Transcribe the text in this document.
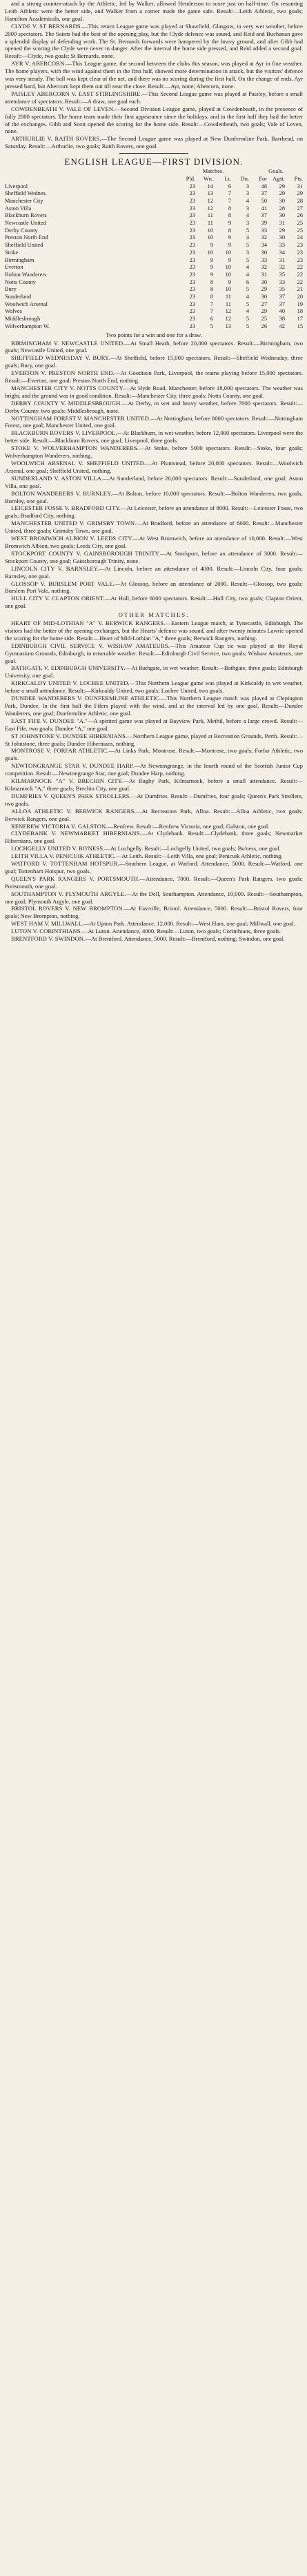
and a strong counter-attack by the Athletic, led by Walker, allowed Henderson to score just on half-time. On resuming Leith Athletic were the better side, and Walker from a corner made the game safe. Result:—Leith Athletic, two goals; Hamilton Academicals, one goal.

CLYDE V. ST BERNARDS.—This return League game was played at Shawfield, Glasgow, in very wet weather, before 2000 spectators. The Saints had the best of the opening play, but the Clyde defence was sound, and Reid and Buchanan gave a splendid display of defending work. The St. Bernards forwards were hampered by the heavy ground, and after Gibb had opened the scoring the Clyde were never in danger. After the interval the home side pressed, and Reid added a second goal. Result:—Clyde, two goals; St Bernards, none.

AYR V. ABERCORN.—This League game, the second between the clubs this season, was played at Ayr in fine weather. The home players, with the wind against them in the first half, showed more determination in attack, but the visitors' defence was very steady. The ball was kept clear of the net, and there was no scoring during the first half. On the change of ends, Ayr pressed hard, but Abercorn kept them out till near the close. Result:—Ayr, none; Abercorn, none.

PAISLEY ABERCORN V. EAST STIRLINGSHIRE.—This Second League game was played at Paisley, before a small attendance of spectators. Result:—A draw, one goal each.

COWDENBEATH V. VALE OF LEVEN.—Second Division League game, played at Cowdenbeath, in the presence of fully 2000 spectators. The home team made their first appearance since the holidays, and in the first half they had the better of the exchanges. Gibb and Scott opened the scoring for the home side. Result:—Cowdenbeath, two goals; Vale of Leven, none.

ARTHURLIE V. RAITH ROVERS.—The Second League game was played at New Dunfermline Park, Barrhead, on Saturday. Result:—Arthurlie, two goals; Raith Rovers, one goal.

ENGLISH LEAGUE—FIRST DIVISION.
	Matches.				Goals.		
	Pld.	Wn.	Lt.	Dn.	For	Agst.	Pts.
Liverpool	23	14	6	3	48	29	31
Sheffield Wednes.	23	13	7	3	37	29	29
Manchester City	23	12	7	4	50	30	28
Aston Villa	23	12	8	3	41	28	27
Blackburn Rovers	23	11	8	4	37	30	26
Newcastle United	23	11	9	3	39	31	25
Derby County	23	10	8	5	33	29	25
Preston North End	23	10	9	4	32	30	24
Sheffield United	23	9	9	5	34	33	23
Stoke	23	10	10	3	30	34	23
Birmingham	23	9	9	5	33	31	23
Everton	23	9	10	4	32	32	22
Bolton Wanderers	23	9	10	4	31	35	22
Notts County	23	8	9	6	30	33	22
Bury	23	8	10	5	29	35	21
Sunderland	23	8	11	4	30	37	20
Woolwich Arsenal	23	7	11	5	27	37	19
Wolves	23	7	12	4	29	40	18
Middlesbrough	23	6	12	5	25	38	17
Wolverhampton W.	23	5	13	5	26	42	15

Two points for a win and one for a draw.

BIRMINGHAM V. NEWCASTLE UNITED.—At Small Heath, before 20,000 spectators. Result:—Birmingham, two goals; Newcastle United, one goal.

SHEFFIELD WEDNESDAY V. BURY.—At Sheffield, before 15,000 spectators. Result:—Sheffield Wednesday, three goals; Bury, one goal.

EVERTON V. PRESTON NORTH END.—At Goodison Park, Liverpool, the teams playing before 15,000 spectators. Result:—Everton, one goal; Preston North End, nothing.

MANCHESTER CITY V. NOTTS COUNTY.—At Hyde Road, Manchester, before 18,000 spectators. The weather was bright, and the ground was in good condition. Result:—Manchester City, three goals; Notts County, one goal.

DERBY COUNTY V. MIDDLESBROUGH.—At Derby, in wet and heavy weather, before 7000 spectators. Result:—Derby County, two goals; Middlesbrough, none.

NOTTINGHAM FOREST V. MANCHESTER UNITED.—At Nottingham, before 8000 spectators. Result:—Nottingham Forest, one goal; Manchester United, one goal.

BLACKBURN ROVERS V. LIVERPOOL.—At Blackburn, in wet weather, before 12,000 spectators. Liverpool were the better side. Result:—Blackburn Rovers, one goal; Liverpool, three goals.

STOKE V. WOLVERHAMPTON WANDERERS.—At Stoke, before 5000 spectators. Result:—Stoke, four goals; Wolverhampton Wanderers, nothing.

WOOLWICH ARSENAL V. SHEFFIELD UNITED.—At Plumstead, before 20,000 spectators. Result:—Woolwich Arsenal, one goal; Sheffield United, nothing.

SUNDERLAND V. ASTON VILLA.—At Sunderland, before 20,000 spectators. Result:—Sunderland, one goal; Aston Villa, one goal.

BOLTON WANDERERS V. BURNLEY.—At Bolton, before 10,000 spectators. Result:—Bolton Wanderers, two goals; Burnley, one goal.

LEICESTER FOSSE V. BRADFORD CITY.—At Leicester, before an attendance of 8000. Result:—Leicester Fosse, two goals; Bradford City, nothing.

MANCHESTER UNITED V. GRIMSBY TOWN.—At Bradford, before an attendance of 6000. Result:—Manchester United, three goals; Grimsby Town, one goal.

WEST BROMWICH ALBION V. LEEDS CITY.—At West Bromwich, before an attendance of 10,000. Result:—West Bromwich Albion, two goals; Leeds City, one goal.

STOCKPORT COUNTY V. GAINSBOROUGH TRINITY.—At Stockport, before an attendance of 3000. Result:—Stockport County, one goal; Gainsborough Trinity, none.

LINCOLN CITY V. BARNSLEY.—At Lincoln, before an attendance of 4000. Result:—Lincoln City, four goals; Barnsley, one goal.

GLOSSOP V. BURSLEM PORT VALE.—At Glossop, before an attendance of 2000. Result:—Glossop, two goals; Burslem Port Vale, nothing.

HULL CITY V. CLAPTON ORIENT.—At Hull, before 6000 spectators. Result:—Hull City, two goals; Clapton Orient, one goal.

OTHER MATCHES.

HEART OF MID-LOTHIAN "A" V. BERWICK RANGERS.—Eastern League match, at Tynecastle, Edinburgh. The visitors had the better of the opening exchanges, but the Hearts' defence was sound, and after twenty minutes Lawrie opened the scoring for the home side. Result:—Heart of Mid-Lothian "A," three goals; Berwick Rangers, nothing.

EDINBURGH CIVIL SERVICE V. WISHAW AMATEURS.—This Amateur Cup tie was played at the Royal Gymnasium Grounds, Edinburgh, in miserable weather. Result:—Edinburgh Civil Service, two goals; Wishaw Amateurs, one goal.

BATHGATE V. EDINBURGH UNIVERSITY.—At Bathgate, in wet weather. Result:—Bathgate, three goals; Edinburgh University, one goal.

KIRKCALDY UNITED V. LOCHEE UNITED.—This Northern League game was played at Kirkcaldy in wet weather, before a small attendance. Result:—Kirkcaldy United, two goals; Lochee United, two goals.

DUNDEE WANDERERS V. DUNFERMLINE ATHLETIC.—This Northern League match was played at Clepington Park, Dundee. In the first half the Fifers played with the wind, and at the interval led by one goal. Result:—Dundee Wanderers, one goal; Dunfermline Athletic, one goal.

EAST FIFE V. DUNDEE "A."—A spirited game was played at Bayview Park, Methil, before a large crowd. Result:—East Fife, two goals; Dundee "A," one goal.

ST JOHNSTONE V. DUNDEE HIBERNIANS.—Northern League game, played at Recreation Grounds, Perth. Result:—St Johnstone, three goals; Dundee Hibernians, nothing.

MONTROSE V. FORFAR ATHLETIC.—At Links Park, Montrose. Result:—Montrose, two goals; Forfar Athletic, two goals.

NEWTONGRANGE STAR V. DUNDEE HARP.—At Newtongrange, in the fourth round of the Scottish Junior Cup competition. Result:—Newtongrange Star, one goal; Dundee Harp, nothing.

KILMARNOCK "A" V. BRECHIN CITY.—At Rugby Park, Kilmarnock, before a small attendance. Result:—Kilmarnock "A," three goals; Brechin City, one goal.

DUMFRIES V. QUEEN'S PARK STROLLERS.—At Dumfries. Result:—Dumfries, four goals; Queen's Park Strollers, two goals.

ALLOA ATHLETIC V. BERWICK RANGERS.—At Recreation Park, Alloa. Result:—Alloa Athletic, two goals; Berwick Rangers, one goal.

RENFREW VICTORIA V. GALSTON.—Renfrew. Result:—Renfrew Victoria, one goal; Galston, one goal.

CLYDEBANK V. NEWMARKET HIBERNIANS.—At Clydebank. Result:—Clydebank, three goals; Newmarket Hibernians, one goal.

LOCHGELLY UNITED V. BO'NESS.—At Lochgelly. Result:—Lochgelly United, two goals; Bo'ness, one goal.

LEITH VILLA V. PENICUIK ATHLETIC.—At Leith. Result:—Leith Villa, one goal; Penicuik Athletic, nothing.

WATFORD V. TOTTENHAM HOTSPUR.—Southern League, at Watford. Attendance, 5000. Result:—Watford, one goal; Tottenham Hotspur, two goals.

QUEEN'S PARK RANGERS V. PORTSMOUTH.—Attendance, 7000. Result:—Queen's Park Rangers, two goals; Portsmouth, one goal.

SOUTHAMPTON V. PLYMOUTH ARGYLE.—At the Dell, Southampton. Attendance, 10,000. Result:—Southampton, one goal; Plymouth Argyle, one goal.

BRISTOL ROVERS V. NEW BROMPTON.—At Eastville, Bristol. Attendance, 5000. Result:—Bristol Rovers, four goals; New Brompton, nothing.

WEST HAM V. MILLWALL.—At Upton Park. Attendance, 12,000. Result:—West Ham, one goal; Millwall, one goal.

LUTON V. CORINTHIANS.—At Luton. Attendance, 4000. Result:—Luton, two goals; Corinthians, three goals.

BRENTFORD V. SWINDON.—At Brentford. Attendance, 5000. Result:—Brentford, nothing; Swindon, one goal.
